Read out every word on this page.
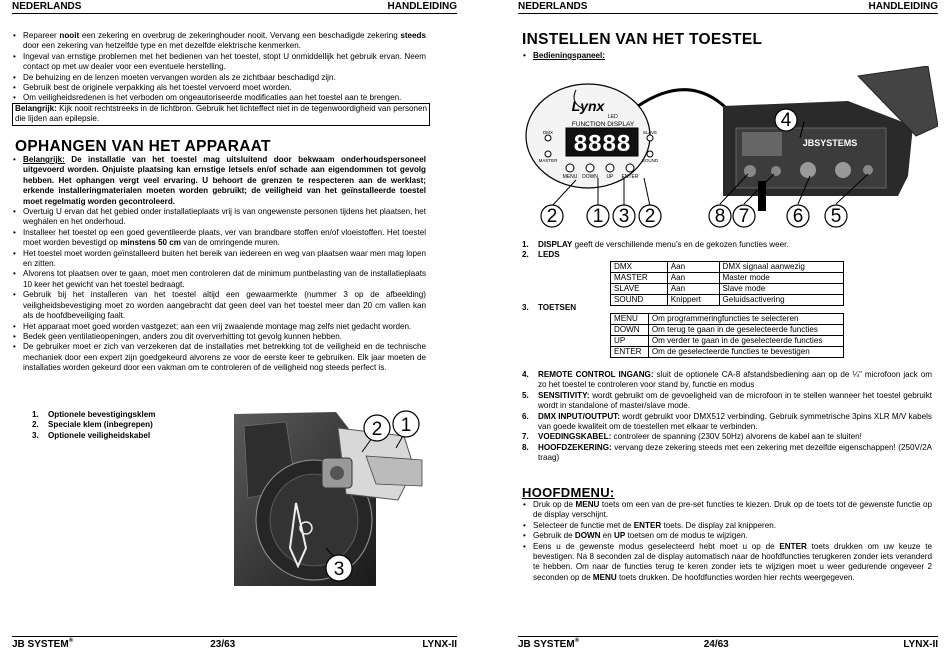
NEDERLANDS	HANDLEIDING
• Repareer nooit een zekering en overbrug de zekeringhouder nooit. Vervang een beschadigde zekering steeds door een zekering van hetzelfde type en met dezelfde elektrische kenmerken.
• Ingeval van ernstige problemen met het bedienen van het toestel, stopt U onmiddellijk het gebruik ervan. Neem contact op met uw dealer voor een eventuele herstelling.
• De behuizing en de lenzen moeten vervangen worden als ze zichtbaar beschadigd zijn.
• Gebruik best de originele verpakking als het toestel vervoerd moet worden.
• Om veiligheidsredenen is het verboden om ongeautoriseerde modificaties aan het toestel aan te brengen.
Belangrijk: Kijk nooit rechtstreeks in de lichtbron. Gebruik het lichteffect niet in de tegenwoordigheid van personen die lijden aan epilepsie.
OPHANGEN VAN HET APPARAAT
• Belangrijk: De installatie van het toestel mag uitsluitend door bekwaam onderhoudspersoneel uitgevoerd worden. Onjuiste plaatsing kan ernstige letsels en/of schade aan eigendommen tot gevolg hebben. Het ophangen vergt veel ervaring. U behoort de grenzen te respecteren aan de werklast; erkende installeringmaterialen moeten worden gebruikt; de veiligheid van het geïnstalleerde toestel moet regelmatig worden gecontroleerd.
• Overtuig U ervan dat het gebied onder installatieplaats vrij is van ongewenste personen tijdens het plaatsen, het weghalen en het onderhoud.
• Installeer het toestel op een goed geventileerde plaats, ver van brandbare stoffen en/of vloeistoffen. Het toestel moet worden bevestigd op minstens 50 cm van de omringende muren.
• Het toestel moet worden geïnstalleerd buiten het bereik van iedereen en weg van plaatsen waar men mag lopen en zitten.
• Alvorens tot plaatsen over te gaan, moet men controleren dat de minimum puntbelasting van de installatieplaats 10 keer het gewicht van het toestel bedraagt.
• Gebruik bij het installeren van het toestel altijd een gewaarmerkte (nummer 3 op de afbeelding) veiligheidsbevestiging moet zo worden aangebracht dat geen deel van het toestel meer dan 20 cm vallen kan als de hoofdbeveiliging faalt.
• Het apparaat moet goed worden vastgezet; aan een vrij zwaaiende montage mag zelfs niet gedacht worden.
• Bedek geen ventilatieopeningen, anders zou dit oververhitting tot gevolg kunnen hebben.
• De gebruiker moet er zich van verzekeren dat de installaties met betrekking tot de veiligheid en de technische mechaniek door een expert zijn goedgekeurd alvorens ze voor de eerste keer te gebruiken. Elk jaar moeten de installaties worden gekeurd door een vakman om te controleren of de veiligheid nog steeds perfect is.
1. Optionele bevestigingsklem
2. Speciale klem (inbegrepen)
3. Optionele veiligheidskabel	2 1
3
JB SYSTEM®	23/63	LYNX-II
NEDERLANDS	HANDLEIDING
INSTELLEN VAN HET TOESTEL
• Bedieningspaneel:
Lynx
LED
FUNCTION DISPLAY
8888
DMX
MASTER
SLAVE
SOUND
MENU DOWN UP ENTER
JBSYSTEMS
2 1 3 2	8 7 6 5
4
1. DISPLAY geeft de verschillende menu’s en de gekozen functies weer.
2. LEDS
DMX	Aan	DMX signaal aanwezig
MASTER	Aan	Master mode
SLAVE	Aan	Slave mode
SOUND	Knippert	Geluidsactivering
3. TOETSEN
MENU	Om programmeringfuncties te selecteren
DOWN	Om terug te gaan in de geselecteerde functies
UP	Om verder te gaan in de geselecteerde functies
ENTER	Om de geselecteerde functies te bevestigen
4. REMOTE CONTROL INGANG: sluit de optionele CA-8 afstandsbediening aan op de ¼” microfoon jack om zo het toestel te controleren voor stand by, functie en modus
5. SENSITIVITY: wordt gebruikt om de gevoeligheid van de microfoon in te stellen wanneer het toestel gebruikt wordt in standalone of master/slave mode.
6. DMX INPUT/OUTPUT: wordt gebruikt voor DMX512 verbinding. Gebruik symmetrische 3pins XLR M/V kabels van goede kwaliteit om de toestellen met elkaar te verbinden.
7. VOEDINGSKABEL: controleer de spanning (230V 50Hz) alvorens de kabel aan te sluiten!
8. HOOFDZEKERING: vervang deze zekering steeds met een zekering met dezelfde eigenschappen! (250V/2A traag)
HOOFDMENU:
• Druk op de MENU toets om een van de pre-set functies te kiezen. Druk op de toets tot de gewenste functie op de display verschijnt.
• Selecteer de functie met de ENTER toets. De display zal knipperen.
• Gebruik de DOWN en UP toetsen om de modus te wijzigen.
• Eens u de gewenste modus geselecteerd hebt moet u op de ENTER toets drukken om uw keuze te bevestigen. Na 8 seconden zal de display automatisch naar de hoofdfuncties terugkeren zonder iets veranderd te hebben. Om naar de functies terug te keren zonder iets te wijzigen moet u weer gedurende ongeveer 2 seconden op de MENU toets drukken. De hoofdfuncties worden hier rechts weergegeven.
JB SYSTEM®	24/63	LYNX-II
